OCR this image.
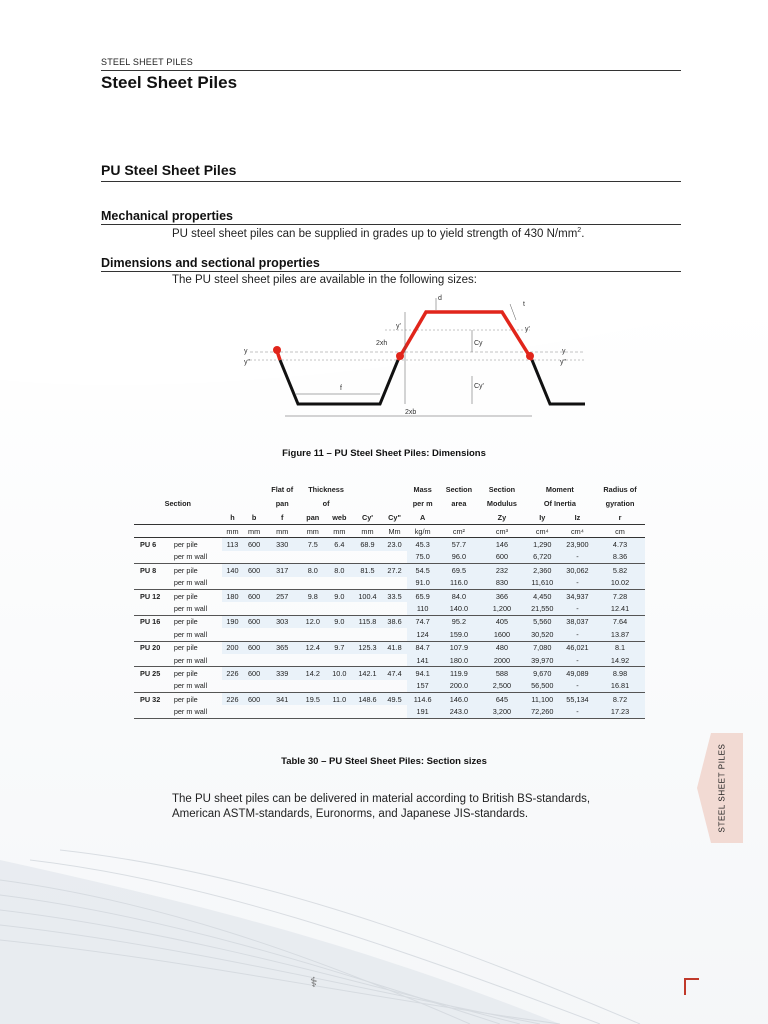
STEEL SHEET PILES
Steel Sheet Piles
PU Steel Sheet Piles
Mechanical properties
PU steel sheet piles can be supplied in grades up to yield strength of 430 $N/mm^2$.
Dimensions and sectional properties
The PU steel sheet piles are available in the following sizes:
d
t
y'	y'
2xh	Cy
y
y"
y
y"
f	Cy'
2xb
Figure 11 – PU Steel Sheet Piles: Dimensions
				Flat of	Thickness				Mass	Section	Section	Moment		Radius of
Section				pan	of				per m	area	Modulus	Of Inertia		gyration
		h	b	f	pan	web	Cy'	Cy"	A		Zy	Iy	Iz	r
		mm	mm	mm	mm	mm	mm	Mm	kg/m	cm²	cm³	cm⁴	cm⁴	cm
PU 6	per pile	113	600	330	7.5	6.4	68.9	23.0	45.3	57.7	146	1,290	23,900	4.73
	per m wall								75.0	96.0	600	6,720	-	8.36
PU 8	per pile	140	600	317	8.0	8.0	81.5	27.2	54.5	69.5	232	2,360	30,062	5.82
	per m wall								91.0	116.0	830	11,610	-	10.02
PU 12	per pile	180	600	257	9.8	9.0	100.4	33.5	65.9	84.0	366	4,450	34,937	7.28
	per m wall								110	140.0	1,200	21,550	-	12.41
PU 16	per pile	190	600	303	12.0	9.0	115.8	38.6	74.7	95.2	405	5,560	38,037	7.64
	per m wall								124	159.0	1600	30,520	-	13.87
PU 20	per pile	200	600	365	12.4	9.7	125.3	41.8	84.7	107.9	480	7,080	46,021	8.1
	per m wall								141	180.0	2000	39,970	-	14.92
PU 25	per pile	226	600	339	14.2	10.0	142.1	47.4	94.1	119.9	588	9,670	49,089	8.98
	per m wall								157	200.0	2,500	56,500	-	16.81
PU 32	per pile	226	600	341	19.5	11.0	148.6	49.5	114.6	146.0	645	11,100	55,134	8.72
	per m wall								191	243.0	3,200	72,260	-	17.23
Table 30 – PU Steel Sheet Piles: Section sizes
The PU sheet piles can be delivered in material according to British BS-standards,
American ASTM-standards, Euronorms, and Japanese JIS-standards.	STEEL SHEET PILES
⚕
